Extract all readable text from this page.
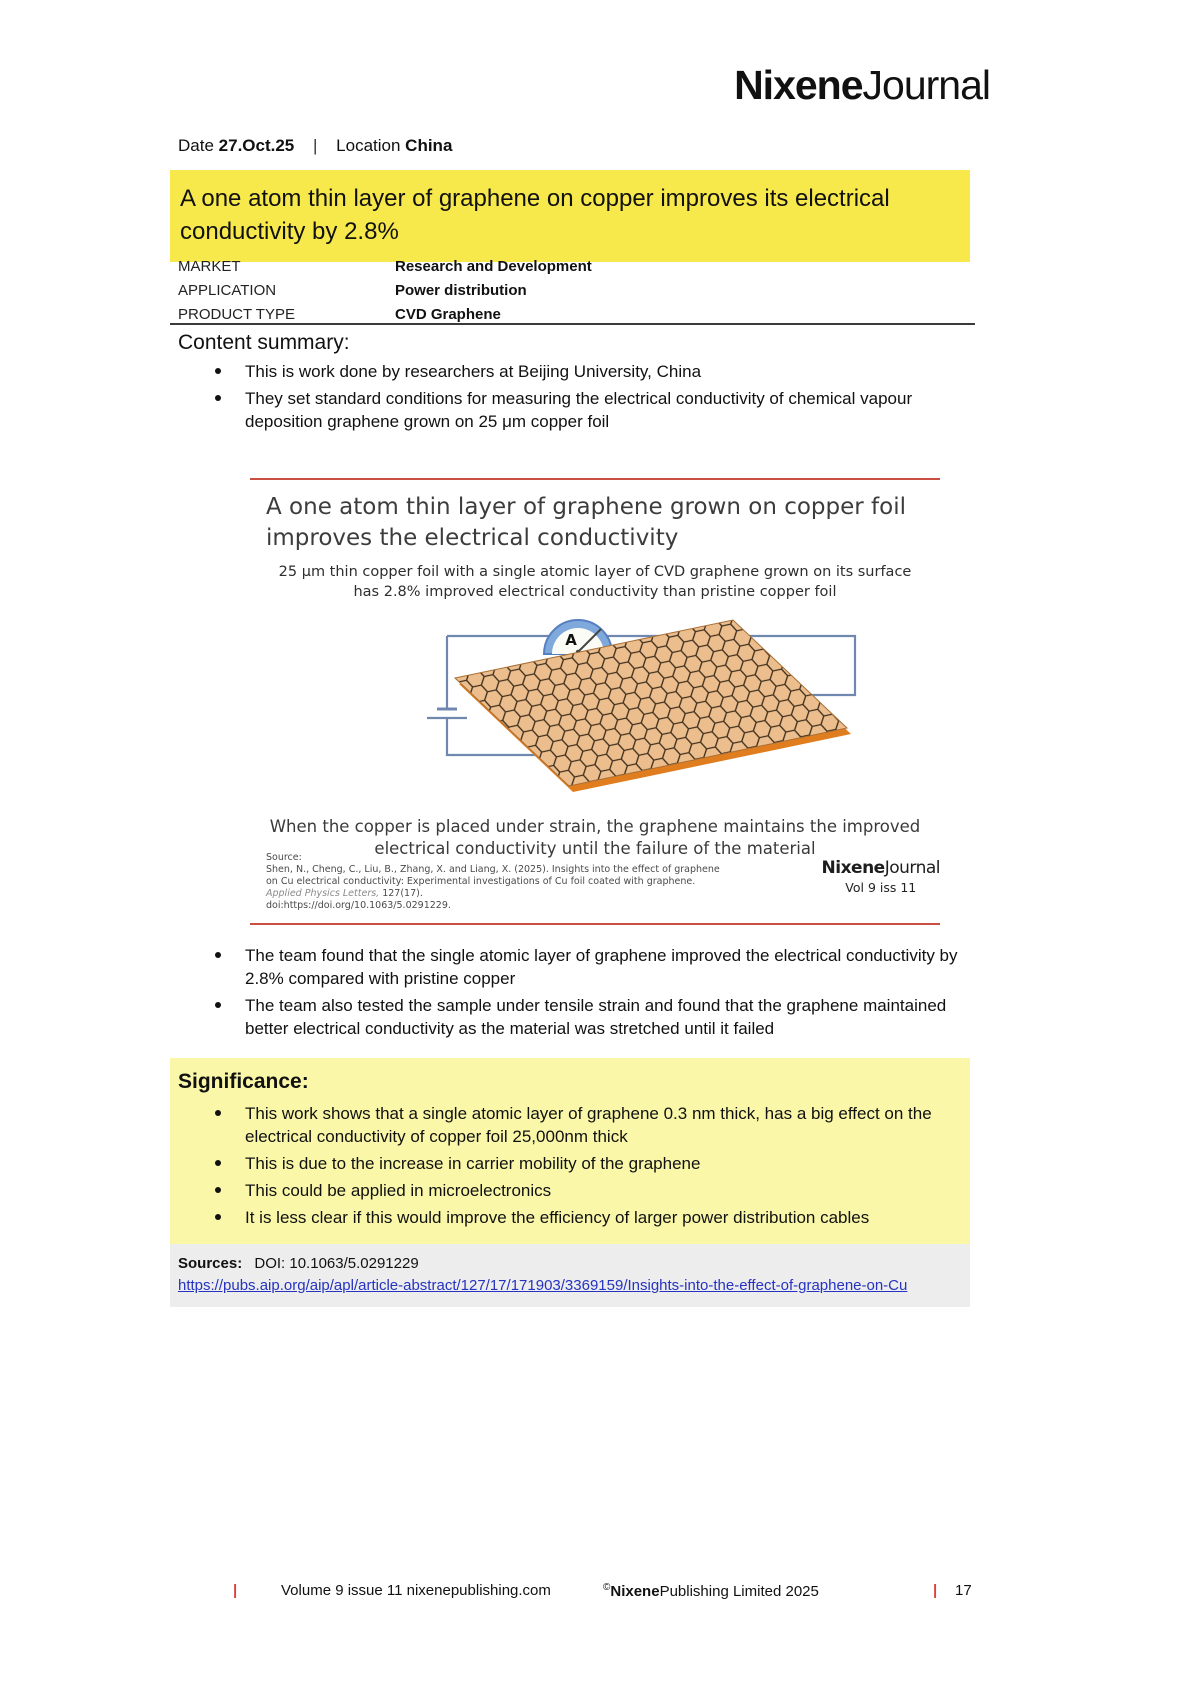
NixeneJournal
Date 27.Oct.25 | Location China
A one atom thin layer of graphene on copper improves its electrical conductivity by 2.8%
MARKET	Research and Development
APPLICATION	Power distribution
PRODUCT TYPE	CVD Graphene
Content summary:
This is work done by researchers at Beijing University, China
They set standard conditions for measuring the electrical conductivity of chemical vapour deposition graphene grown on 25 μm copper foil
A one atom thin layer of graphene grown on copper foil
improves the electrical conductivity
25 μm thin copper foil with a single atomic layer of CVD graphene grown on its surface
has 2.8% improved electrical conductivity than pristine copper foil
A
When the copper is placed under strain, the graphene maintains the improved
electrical conductivity until the failure of the material
Source:
Shen, N., Cheng, C., Liu, B., Zhang, X. and Liang, X. (2025). Insights into the effect of graphene on Cu electrical conductivity: Experimental investigations of Cu foil coated with graphene. Applied Physics Letters, 127(17).
doi:https://doi.org/10.1063/5.0291229.
NixeneJournal
Vol 9 iss 11
The team found that the single atomic layer of graphene improved the electrical conductivity by 2.8% compared with pristine copper
The team also tested the sample under tensile strain and found that the graphene maintained better electrical conductivity as the material was stretched until it failed
Significance:
This work shows that a single atomic layer of graphene 0.3 nm thick, has a big effect on the electrical conductivity of copper foil 25,000nm thick
This is due to the increase in carrier mobility of the graphene
This could be applied in microelectronics
It is less clear if this would improve the efficiency of larger power distribution cables
Sources: DOI: 10.1063/5.0291229
https://pubs.aip.org/aip/apl/article-abstract/127/17/171903/3369159/Insights-into-the-effect-of-graphene-on-Cu
|	Volume 9 issue 11 nixenepublishing.com	©NixenePublishing Limited 2025	| 17
